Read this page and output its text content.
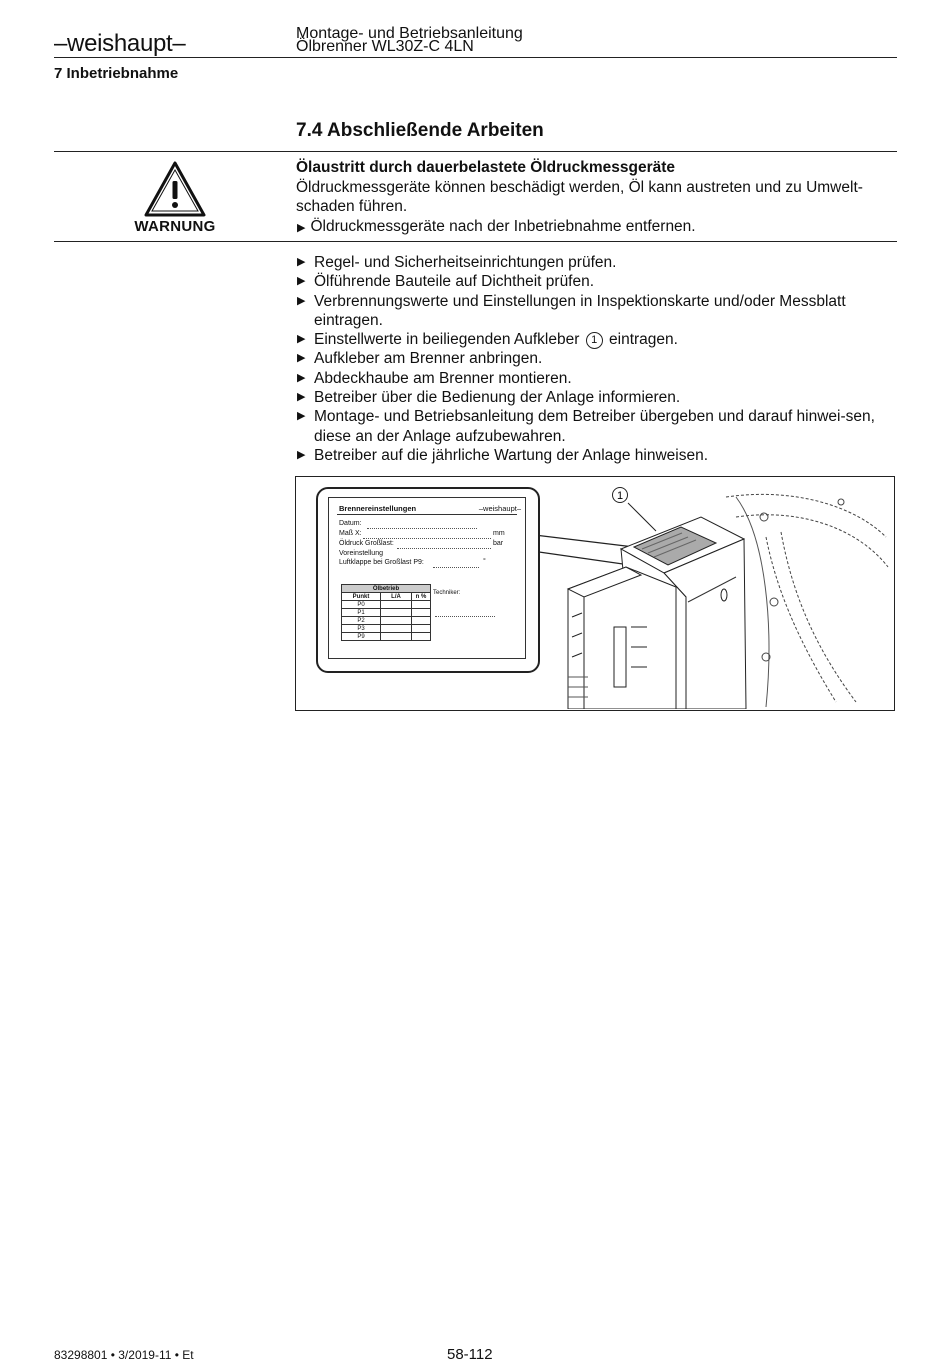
–weishaupt–	Montage- und Betriebsanleitung
Ölbrenner WL30Z-C 4LN
7 Inbetriebnahme
7.4 Abschließende Arbeiten
WARNUNG
Ölaustritt durch dauerbelastete Öldruckmessgeräte
Öldruckmessgeräte können beschädigt werden, Öl kann austreten und zu Umwelt-schaden führen.
▶ Öldruckmessgeräte nach der Inbetriebnahme entfernen.
▶ Regel- und Sicherheitseinrichtungen prüfen.
▶ Ölführende Bauteile auf Dichtheit prüfen.
▶ Verbrennungswerte und Einstellungen in Inspektionskarte und/oder Messblatt eintragen.
▶ Einstellwerte in beiliegenden Aufkleber 1 eintragen.
▶ Aufkleber am Brenner anbringen.
▶ Abdeckhaube am Brenner montieren.
▶ Betreiber über die Bedienung der Anlage informieren.
▶ Montage- und Betriebsanleitung dem Betreiber übergeben und darauf hinwei-sen, diese an der Anlage aufzubewahren.
▶ Betreiber auf die jährliche Wartung der Anlage hinweisen.
1
Brennereinstellungen	–weishaupt–
Datum:
Maß X:	mm
Öldruck Großlast:	bar
Voreinstellung
Luftklappe bei Großlast P9:	°
Ölbetrieb		
Punkt	L/A	n %
P0		
P1		
P2		
P3		
P9		
Techniker:
83298801 • 3/2019-11 • Et	58-112
